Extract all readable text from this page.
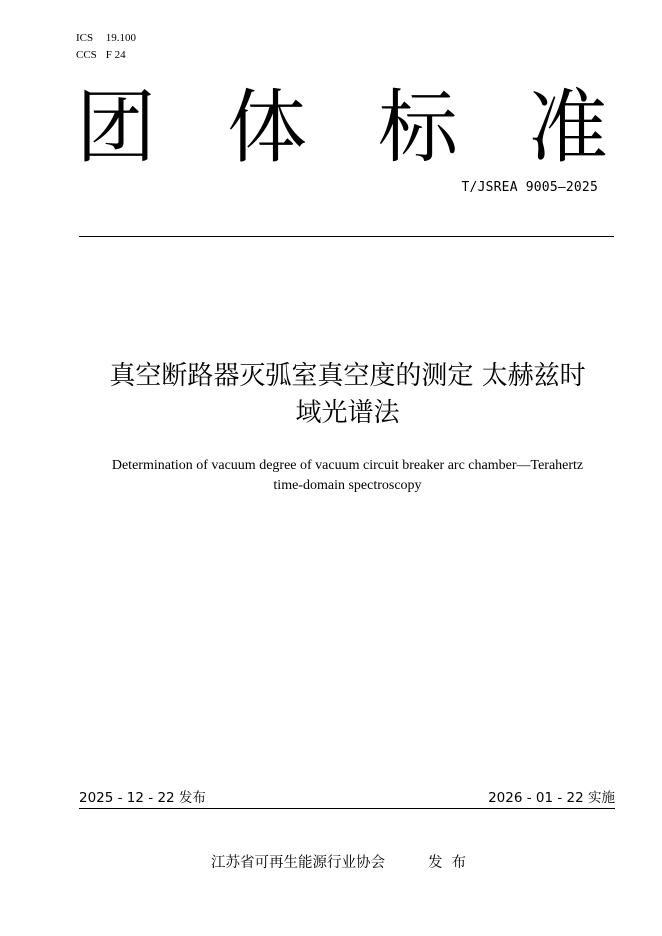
ICS 19.100
CCS F 24
团 体 标 准
T/JSREA 9005—2025
真空断路器灭弧室真空度的测定 太赫兹时
域光谱法
Determination of vacuum degree of vacuum circuit breaker arc chamber—Terahertz
time-domain spectroscopy
2025 - 12 - 22 发布	2026 - 01 - 22 实施
江苏省可再生能源行业协会	发布
